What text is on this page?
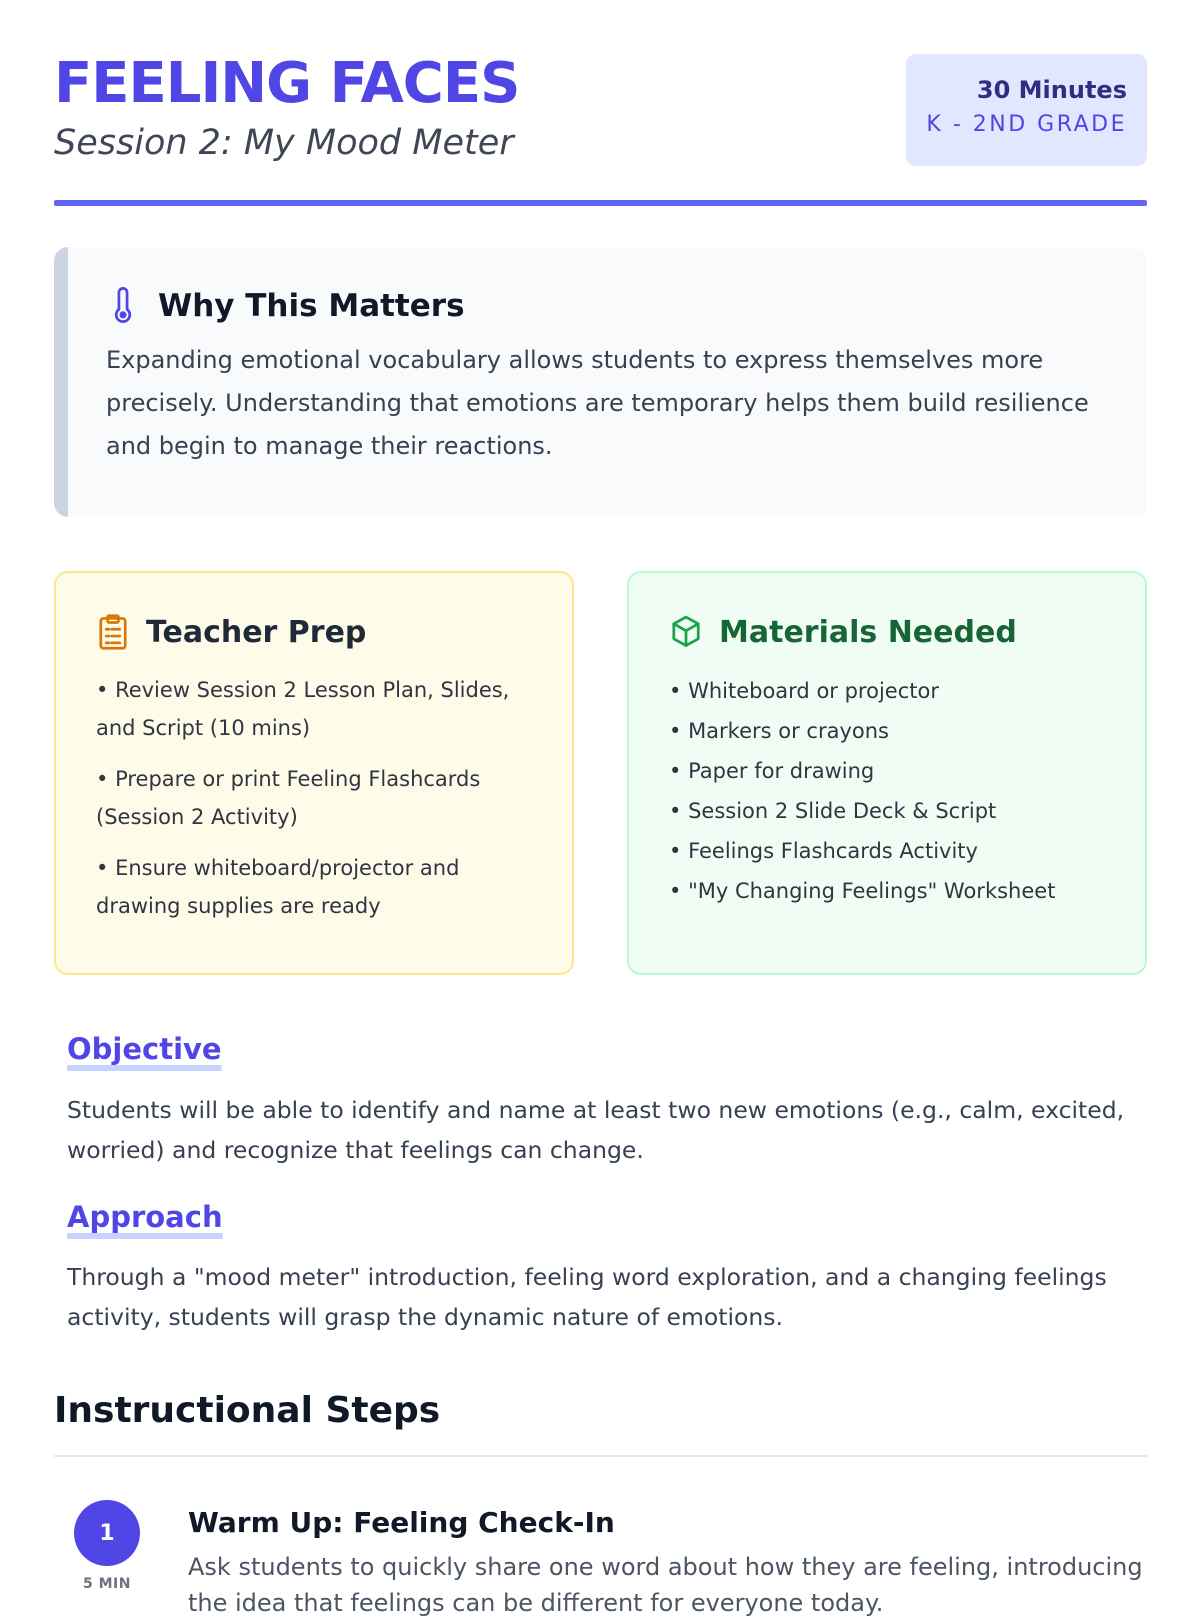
FEELING FACES
Session 2: My Mood Meter
30 Minutes
K - 2ND GRADE
Why This Matters

Expanding emotional vocabulary allows students to express themselves more precisely. Understanding that emotions are temporary helps them build resilience and begin to manage their reactions.

Teacher Prep
• Review Session 2 Lesson Plan, Slides, and Script (10 mins)
• Prepare or print Feeling Flashcards (Session 2 Activity)
• Ensure whiteboard/projector and drawing supplies are ready
Materials Needed
• Whiteboard or projector
• Markers or crayons
• Paper for drawing
• Session 2 Slide Deck & Script
• Feelings Flashcards Activity
• "My Changing Feelings" Worksheet
Objective

Students will be able to identify and name at least two new emotions (e.g., calm, excited, worried) and recognize that feelings can change.

Approach

Through a "mood meter" introduction, feeling word exploration, and a changing feelings activity, students will grasp the dynamic nature of emotions.

Instructional Steps
1
5 MIN
Warm Up: Feeling Check-In

Ask students to quickly share one word about how they are feeling, introducing the idea that feelings can be different for everyone today.
